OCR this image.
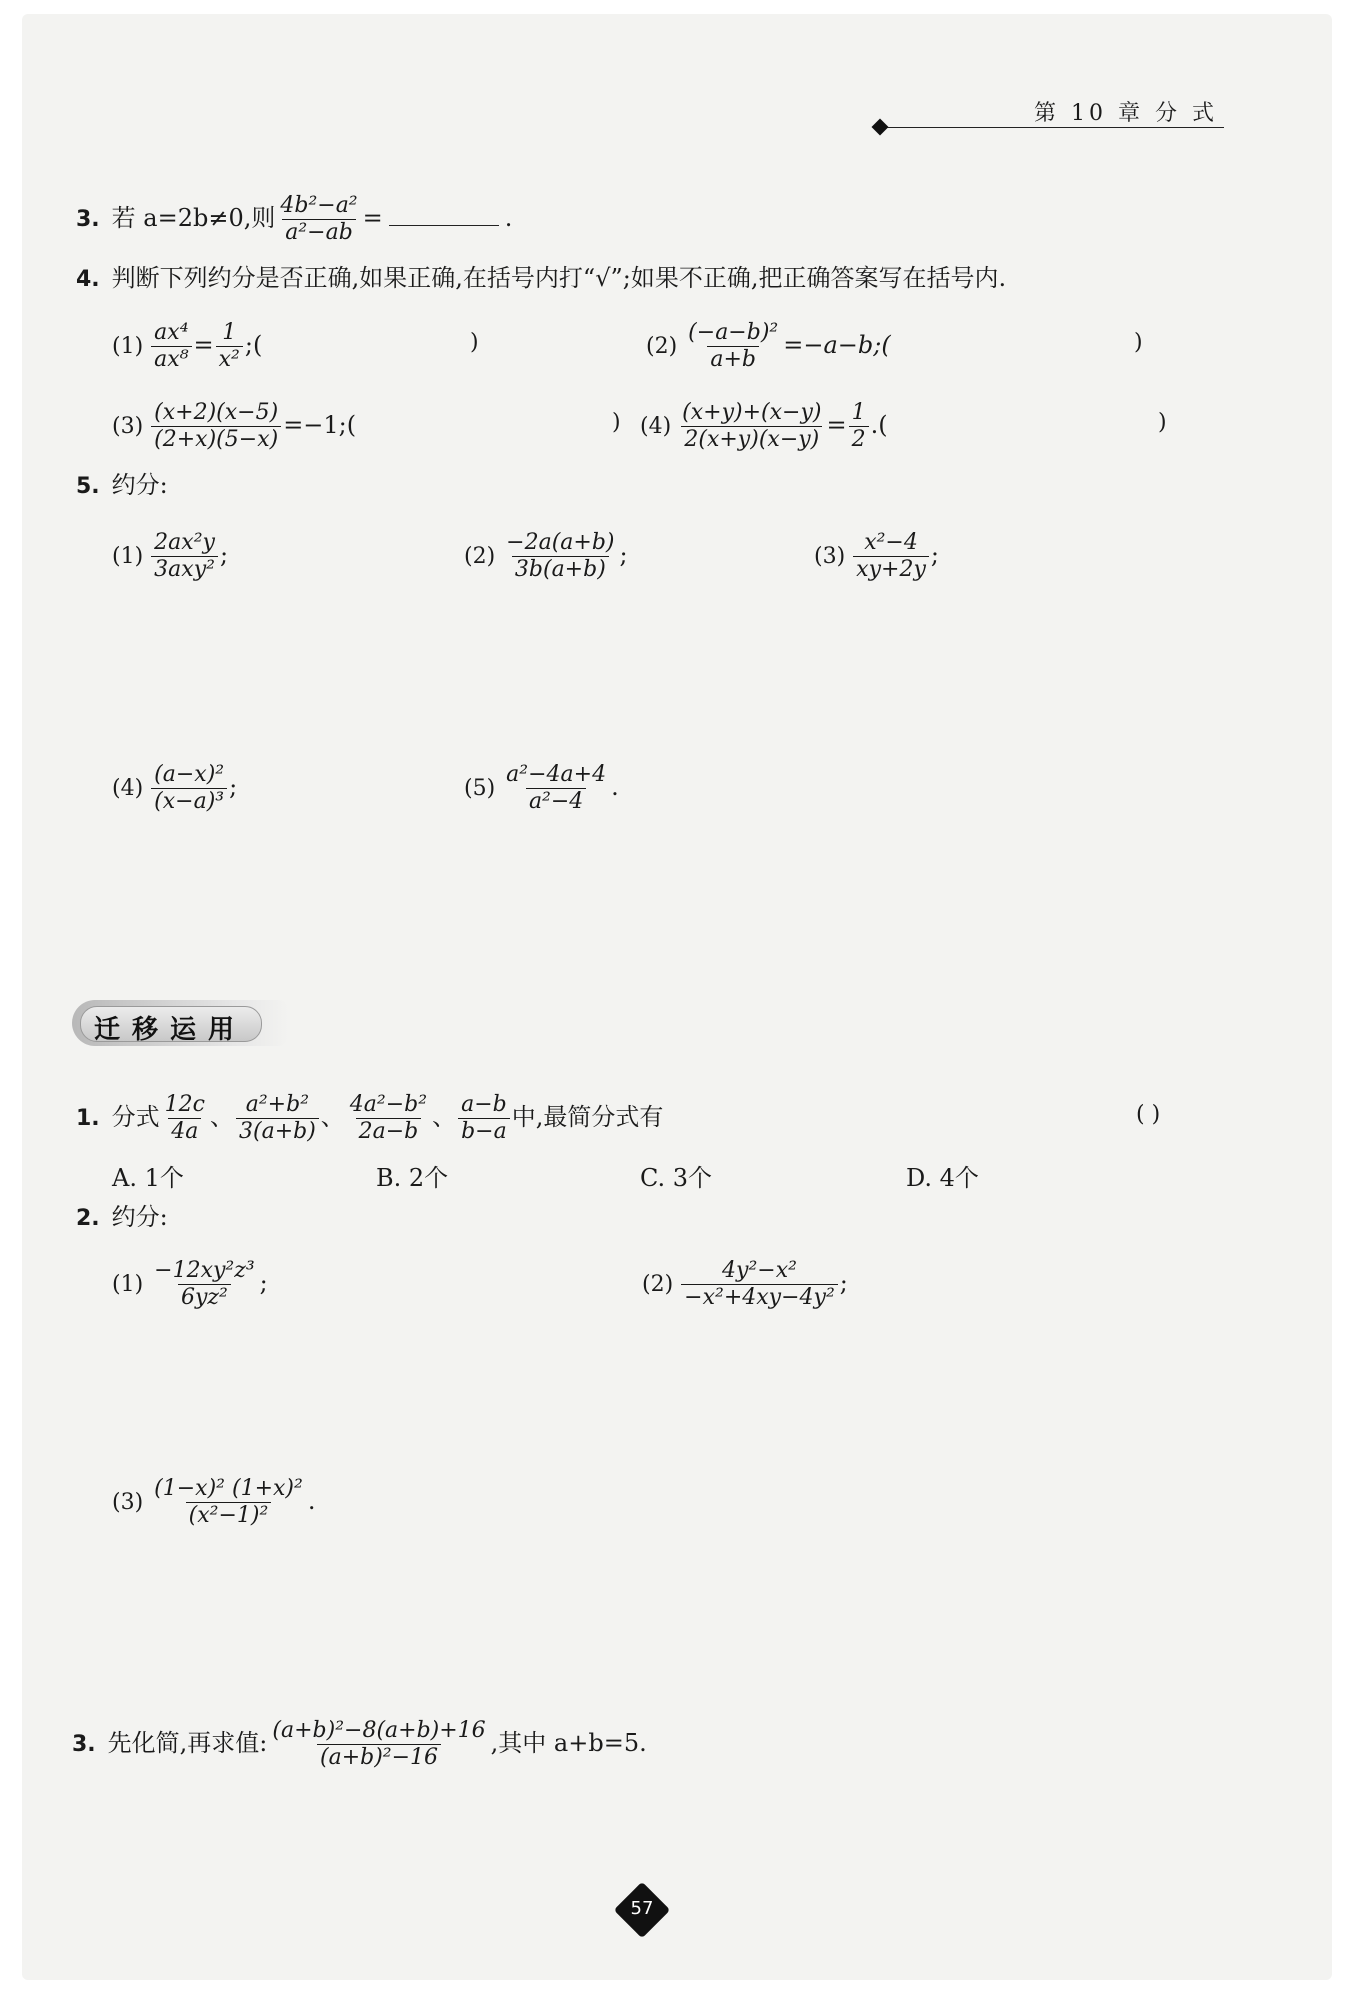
第 10 章 分 式
3. 若 a=2b≠0,则 $\frac{\text{4b²−a²}}{\text{a²−ab}}$ =	.
4. 判断下列约分是否正确,如果正确,在括号内打“√”;如果不正确,把正确答案写在括号内.
$(1) \frac{\text{ax⁴}}{\text{ax⁸}} = \frac{1}{\text{x²}}$ ;(	)	$(2) \frac{\text{(−a−b)²}}{a+b}$ =−a−b;(	)
$(3) \frac{(x+2)(x-5)}{(2+x)(5-x)}$ =−1;(	) $(4) \frac{(x+y)+(x-y)}{2(x+y)(x-y)} = \frac{1}{2}$ .(	)
5. 约分:
$(1) \frac{\text{2ax²y}}{\text{3axy²}}$ ;	$(2) \frac{-2a(a+b)}{3b(a+b)}$ ;	$(3) \frac{\text{x²−4}}{xy+2y}$ ;
$(4) \frac{\text{(a−x)²}}{\text{(x−a)³}}$ ;	$(5) \frac{\text{a²−4a+4}}{\text{a²−4}}$ .
迁移运用
1. 分式 $\frac{12c}{4a}$ 、 $\frac{\text{a²+b²}}{3(a+b)}$ 、 $\frac{\text{4a²−b²}}{2a-b}$ 、 $\frac{a-b}{b-a}$ 中,最简分式有	( )
A. 1个	B. 2个	C. 3个	D. 4个
2. 约分:
$(1) \frac{\text{−12xy²z³}}{\text{6yz²}}$ ;	$(2) \frac{\text{4y²−x²}}{\text{−x²+4xy−4y²}}$ ;
$(3) \frac{\text{(1−x)² (1+x)²}}{\text{(x²−1)²}}$ .
3. 先化简,再求值: $\frac{\text{(a+b)²−8(a+b)+16}}{\text{(a+b)²−16}}$ ,其中 a+b=5.
57
